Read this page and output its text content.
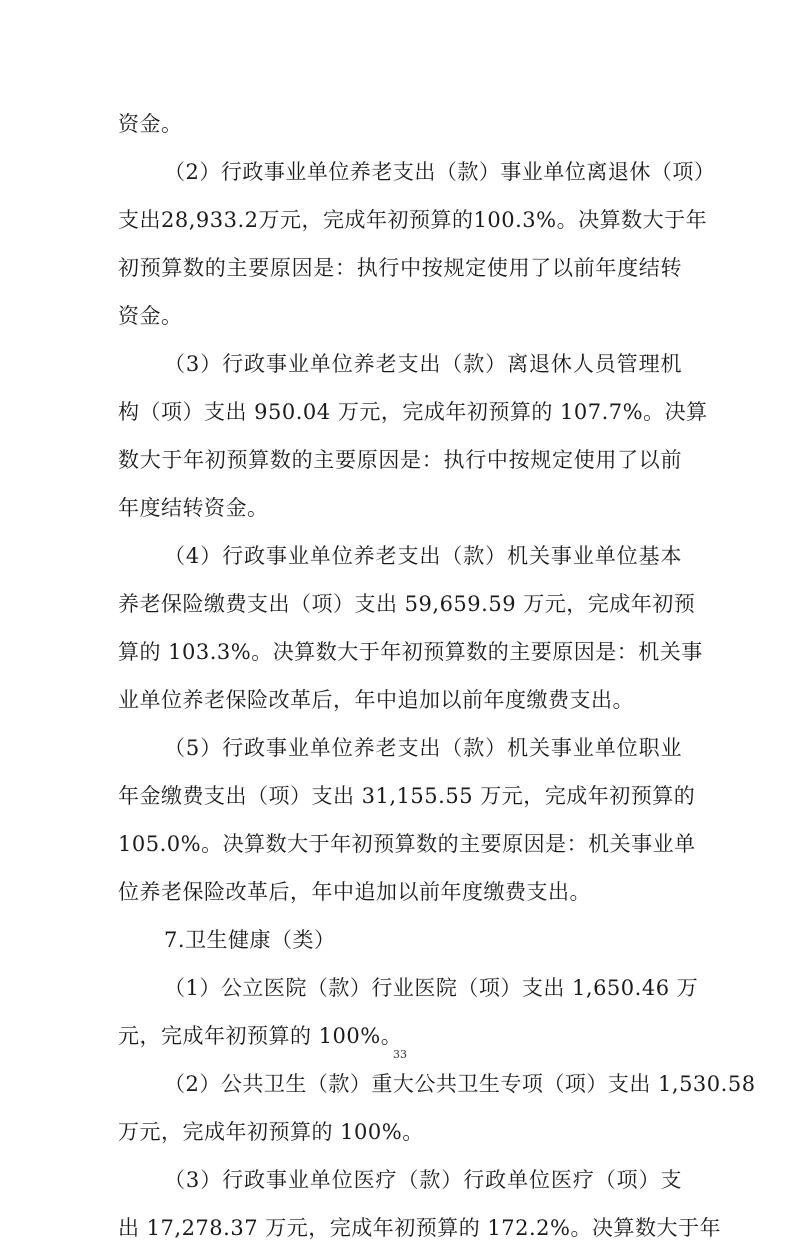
资金。
（2）行政事业单位养老支出（款）事业单位离退休（项）
支出28,933.2万元，完成年初预算的100.3%。决算数大于年
初预算数的主要原因是：执行中按规定使用了以前年度结转
资金。
（3）行政事业单位养老支出（款）离退休人员管理机
构（项）支出 950.04 万元，完成年初预算的 107.7%。决算
数大于年初预算数的主要原因是：执行中按规定使用了以前
年度结转资金。
（4）行政事业单位养老支出（款）机关事业单位基本
养老保险缴费支出（项）支出 59,659.59 万元，完成年初预
算的 103.3%。决算数大于年初预算数的主要原因是：机关事
业单位养老保险改革后，年中追加以前年度缴费支出。
（5）行政事业单位养老支出（款）机关事业单位职业
年金缴费支出（项）支出 31,155.55 万元，完成年初预算的
105.0%。决算数大于年初预算数的主要原因是：机关事业单
位养老保险改革后，年中追加以前年度缴费支出。
7.卫生健康（类）
（1）公立医院（款）行业医院（项）支出 1,650.46 万
元，完成年初预算的 100%。
（2）公共卫生（款）重大公共卫生专项（项）支出 1,530.58
万元，完成年初预算的 100%。
（3）行政事业单位医疗（款）行政单位医疗（项）支
出 17,278.37 万元，完成年初预算的 172.2%。决算数大于年
33
